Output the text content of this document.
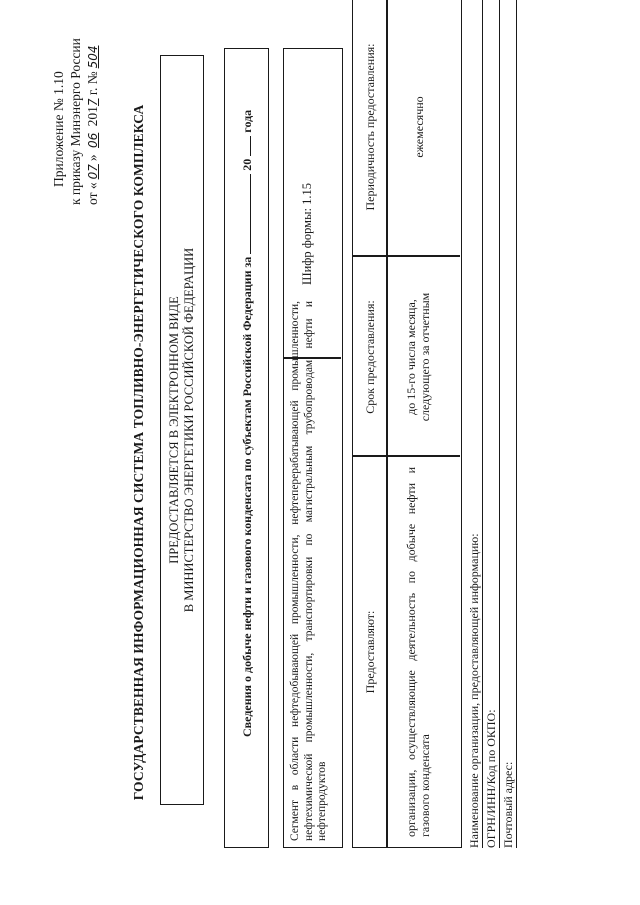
Приложение № 1.10 к приказу Минэнерго России от «07» 06 2017 г. №504
ГОСУДАРСТВЕННАЯ ИНФОРМАЦИОННАЯ СИСТЕМА ТОПЛИВНО-ЭНЕРГЕТИЧЕСКОГО КОМПЛЕКСА ПРЕДОСТАВЛЯЕТСЯ В ЭЛЕКТРОННОМ ВИДЕ В МИНИСТЕРСТВО ЭНЕРГЕТИКИ РОССИЙСКОЙ ФЕДЕРАЦИИ	Сведения о добыче нефти и газового конденсата по субъектам Российской Федерации за  20  года
Сегмент в области нефтедобывающей промышленности, нефтеперерабатывающей промышленности, нефтехимической промышленности, транспортировки по магистральным трубопроводам нефти и нефтепродуктов
Шифр формы: 1.15
Предоставляют:
Срок предоставления:
Периодичность предоставления:
организации, осуществляющие деятельность по добыче нефти и газового конденсата
до 15-го числа месяца, следующего за отчетным
ежемесячно
Наименование организации, предоставляющей информацию: ОГРН/ИНН/Код по ОКПО: Почтовый адрес:
